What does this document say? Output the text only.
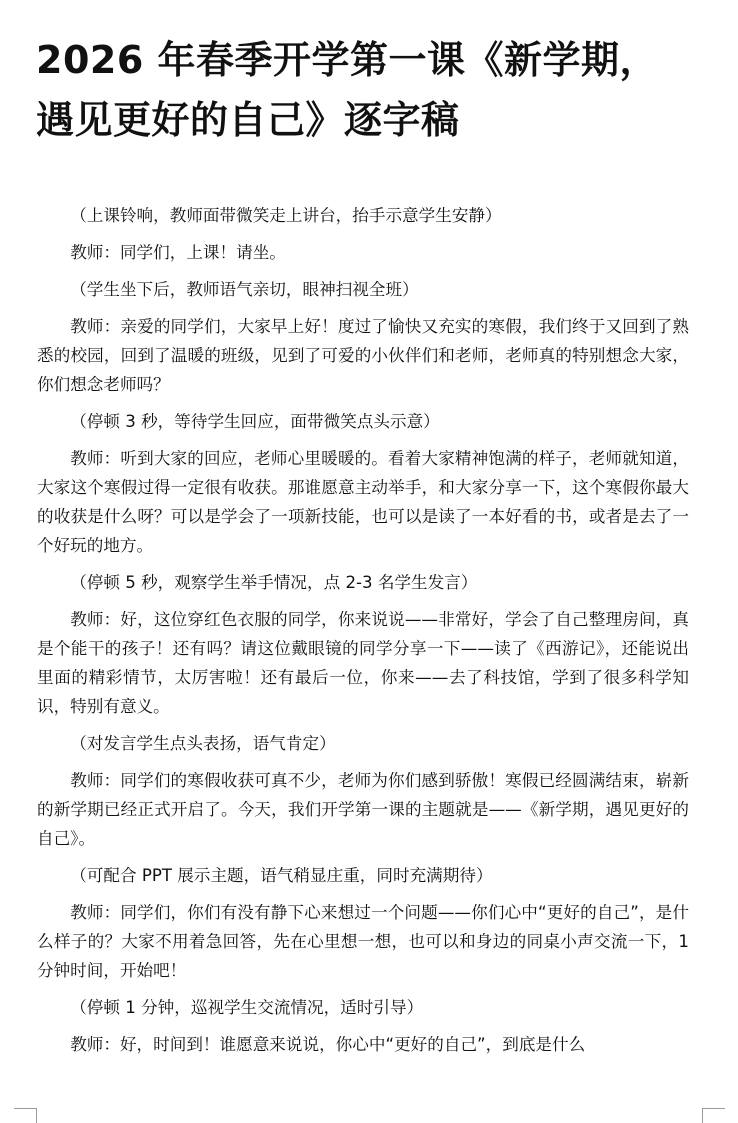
2026 年春季开学第一课《新学期，遇见更好的自己》逐字稿

（上课铃响，教师面带微笑走上讲台，抬手示意学生安静）

教师：同学们，上课！请坐。

（学生坐下后，教师语气亲切，眼神扫视全班）

教师：亲爱的同学们，大家早上好！度过了愉快又充实的寒假，我们终于又回到了熟悉的校园，回到了温暖的班级，见到了可爱的小伙伴们和老师，老师真的特别想念大家，你们想念老师吗？

（停顿 3 秒，等待学生回应，面带微笑点头示意）

教师：听到大家的回应，老师心里暖暖的。看着大家精神饱满的样子，老师就知道，大家这个寒假过得一定很有收获。那谁愿意主动举手，和大家分享一下，这个寒假你最大的收获是什么呀？可以是学会了一项新技能，也可以是读了一本好看的书，或者是去了一个好玩的地方。

（停顿 5 秒，观察学生举手情况，点 2-3 名学生发言）

教师：好，这位穿红色衣服的同学，你来说说——非常好，学会了自己整理房间，真是个能干的孩子！还有吗？请这位戴眼镜的同学分享一下——读了《西游记》，还能说出里面的精彩情节，太厉害啦！还有最后一位，你来——去了科技馆，学到了很多科学知识，特别有意义。

（对发言学生点头表扬，语气肯定）

教师：同学们的寒假收获可真不少，老师为你们感到骄傲！寒假已经圆满结束，崭新的新学期已经正式开启了。今天，我们开学第一课的主题就是——《新学期，遇见更好的自己》。

（可配合 PPT 展示主题，语气稍显庄重，同时充满期待）

教师：同学们，你们有没有静下心来想过一个问题——你们心中“更好的自己”，是什么样子的？大家不用着急回答，先在心里想一想，也可以和身边的同桌小声交流一下，1 分钟时间，开始吧！

（停顿 1 分钟，巡视学生交流情况，适时引导）

教师：好，时间到！谁愿意来说说，你心中“更好的自己”，到底是什么
